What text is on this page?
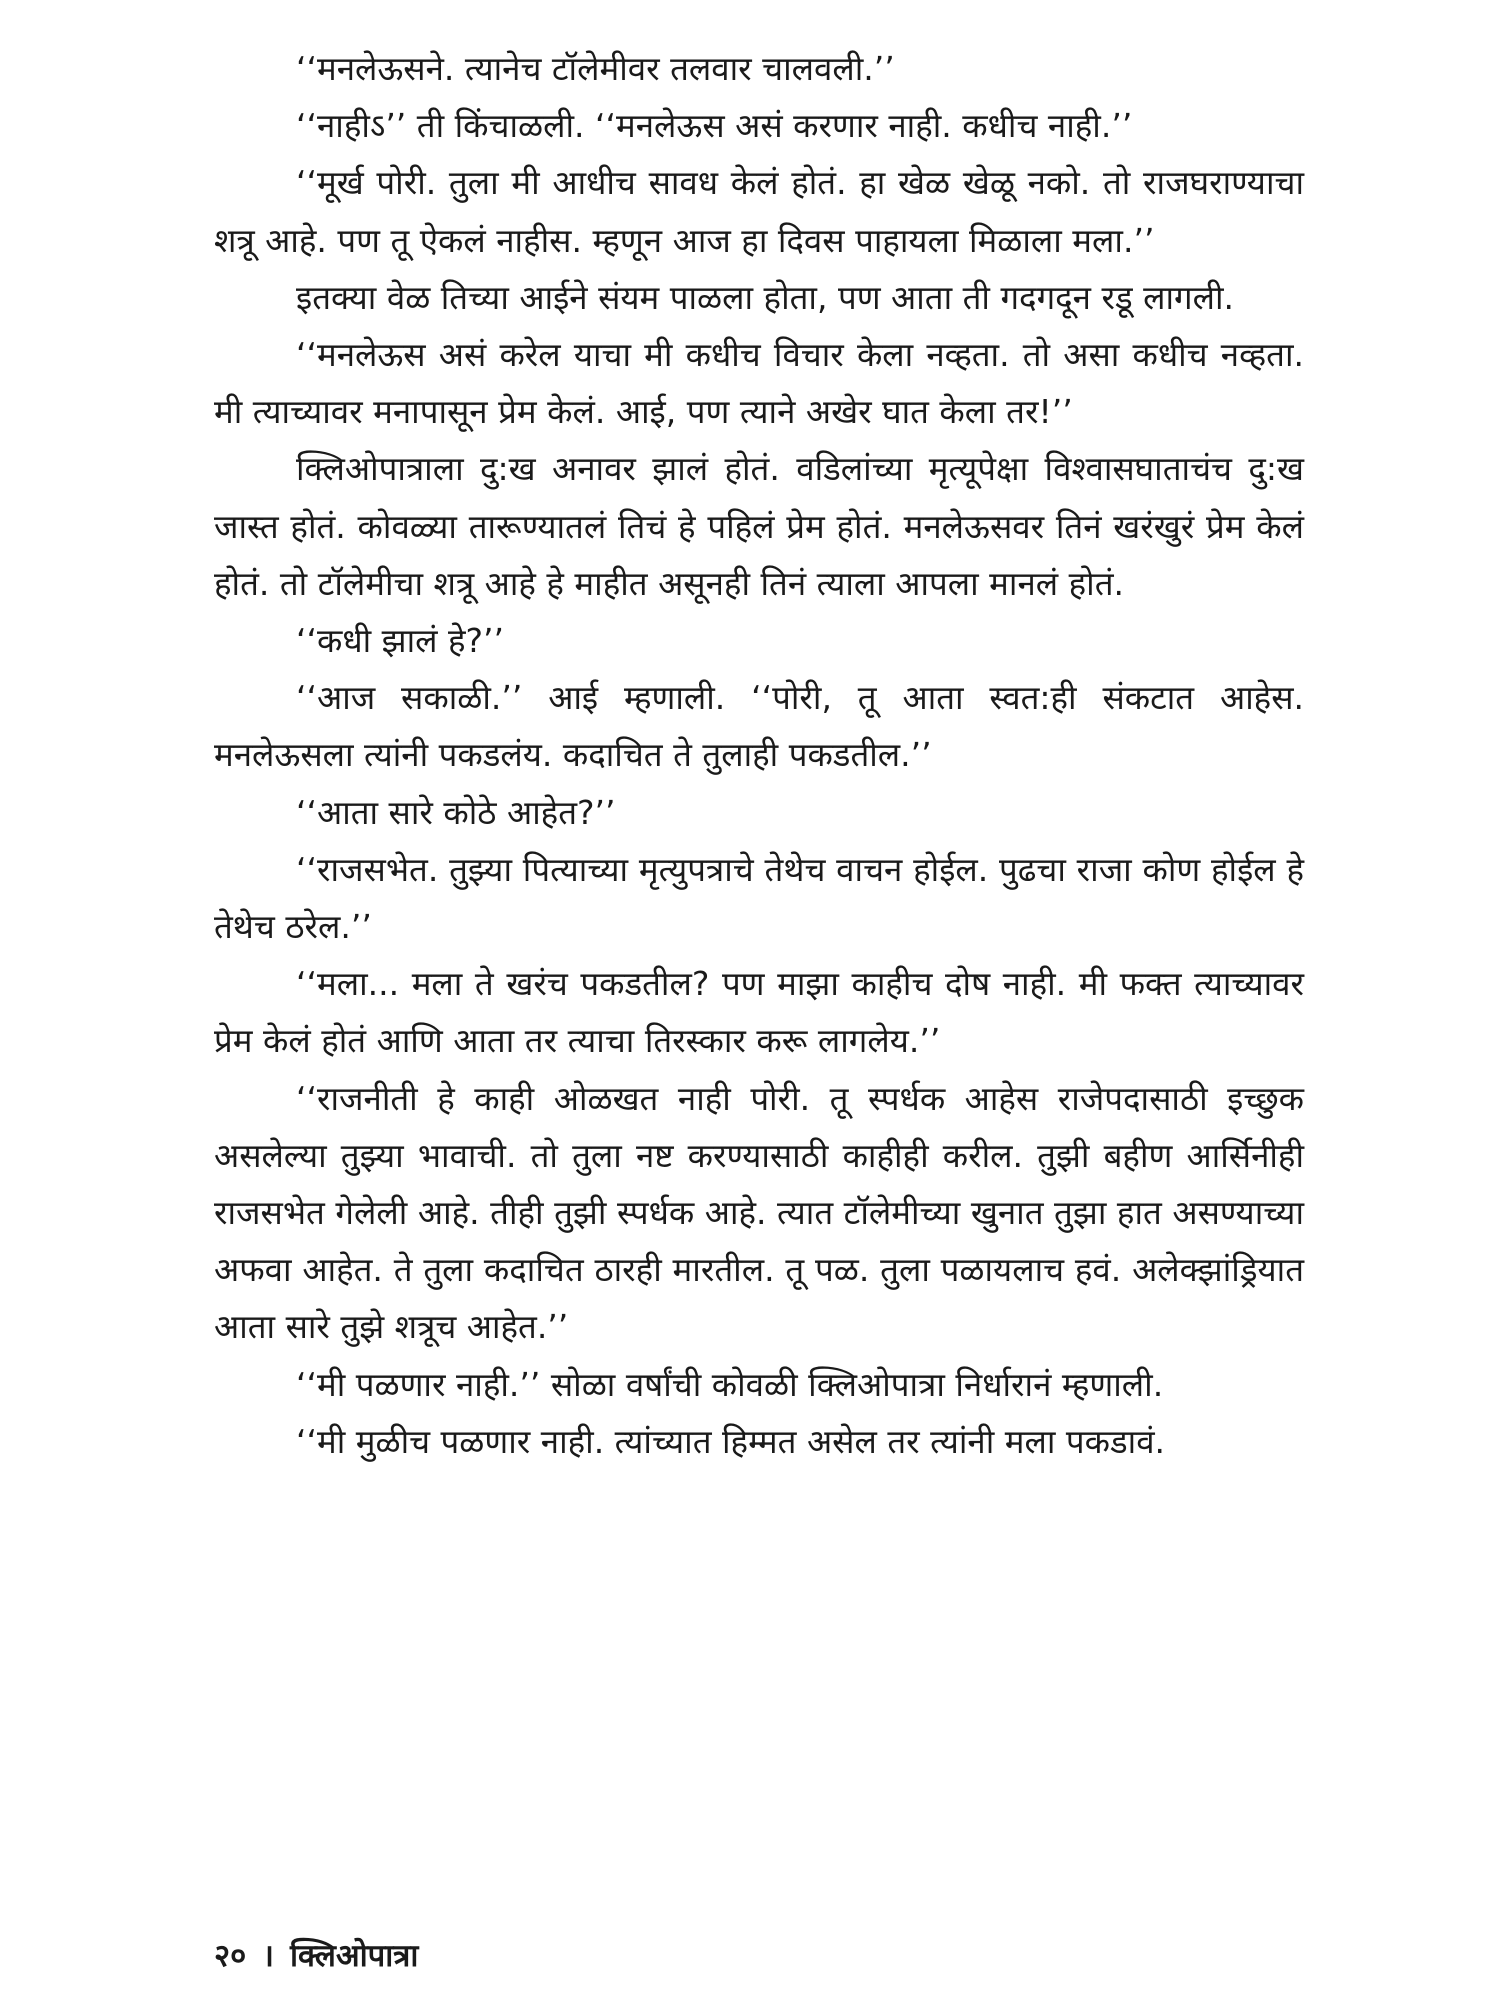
‘‘मनलेऊसने. त्यानेच टॉलेमीवर तलवार चालवली.’’

‘‘नाहीऽ’’ ती किंचाळली. ‘‘मनलेऊस असं करणार नाही. कधीच नाही.’’

‘‘मूर्ख पोरी. तुला मी आधीच सावध केलं होतं. हा खेळ खेळू नको. तो राजघराण्याचा शत्रू आहे. पण तू ऐकलं नाहीस. म्हणून आज हा दिवस पाहायला मिळाला मला.’’

इतक्या वेळ तिच्या आईने संयम पाळला होता, पण आता ती गदगदून रडू लागली.

‘‘मनलेऊस असं करेल याचा मी कधीच विचार केला नव्हता. तो असा कधीच नव्हता. मी त्याच्यावर मनापासून प्रेम केलं. आई, पण त्याने अखेर घात केला तर!’’

क्लिओपात्राला दु:ख अनावर झालं होतं. वडिलांच्या मृत्यूपेक्षा विश्वासघाताचंच दु:ख जास्त होतं. कोवळ्या तारूण्यातलं तिचं हे पहिलं प्रेम होतं. मनलेऊसवर तिनं खरंखुरं प्रेम केलं होतं. तो टॉलेमीचा शत्रू आहे हे माहीत असूनही तिनं त्याला आपला मानलं होतं.

‘‘कधी झालं हे?’’

‘‘आज सकाळी.’’ आई म्हणाली. ‘‘पोरी, तू आता स्वत:ही संकटात आहेस. मनलेऊसला त्यांनी पकडलंय. कदाचित ते तुलाही पकडतील.’’

‘‘आता सारे कोठे आहेत?’’

‘‘राजसभेत. तुझ्या पित्याच्या मृत्युपत्राचे तेथेच वाचन होईल. पुढचा राजा कोण होईल हे तेथेच ठरेल.’’

‘‘मला... मला ते खरंच पकडतील? पण माझा काहीच दोष नाही. मी फक्त त्याच्यावर प्रेम केलं होतं आणि आता तर त्याचा तिरस्कार करू लागलेय.’’

‘‘राजनीती हे काही ओळखत नाही पोरी. तू स्पर्धक आहेस राजेपदासाठी इच्छुक असलेल्या तुझ्या भावाची. तो तुला नष्ट करण्यासाठी काहीही करील. तुझी बहीण आर्सिनीही राजसभेत गेलेली आहे. तीही तुझी स्पर्धक आहे. त्यात टॉलेमीच्या खुनात तुझा हात असण्याच्या अफवा आहेत. ते तुला कदाचित ठारही मारतील. तू पळ. तुला पळायलाच हवं. अलेक्झांड्रियात आता सारे तुझे शत्रूच आहेत.’’

‘‘मी पळणार नाही.’’ सोळा वर्षांची कोवळी क्लिओपात्रा निर्धारानं म्हणाली.

‘‘मी मुळीच पळणार नाही. त्यांच्यात हिम्मत असेल तर त्यांनी मला पकडावं.

२० । क्लिओपात्रा
